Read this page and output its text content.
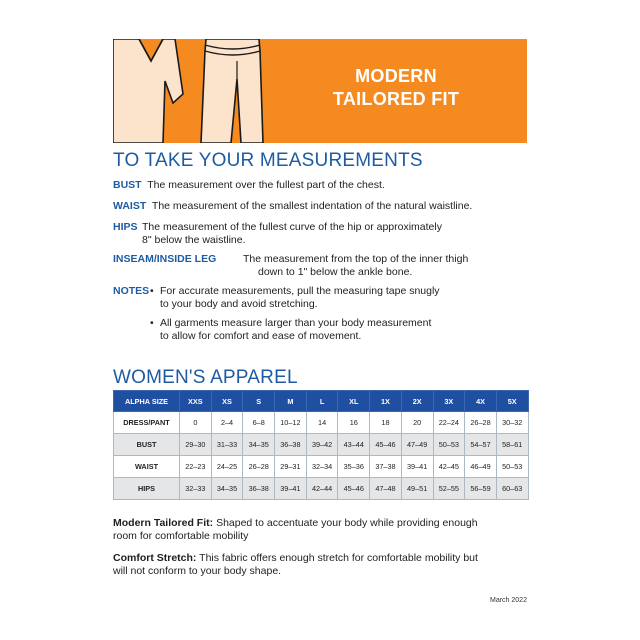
MODERN
TAILORED FIT
TO TAKE YOUR MEASUREMENTS
BUST The measurement over the fullest part of the chest.
WAIST The measurement of the smallest indentation of the natural waistline.
HIPS The measurement of the fullest curve of the hip or approximately
8" below the waistline.
INSEAM/INSIDE LEG	The measurement from the top of the inner thigh
down to 1" below the ankle bone.
NOTES • For accurate measurements, pull the measuring tape snugly
to your body and avoid stretching.
• All garments measure larger than your body measurement
to allow for comfort and ease of movement.
WOMEN'S APPAREL
ALPHA SIZE	XXS	XS	S	M	L	XL	1X	2X	3X	4X	5X
DRESS/PANT	0	2–4	6–8	10–12	14	16	18	20	22–24	26–28	30–32
BUST	29–30	31–33	34–35	36–38	39–42	43–44	45–46	47–49	50–53	54–57	58–61
WAIST	22–23	24–25	26–28	29–31	32–34	35–36	37–38	39–41	42–45	46–49	50–53
HIPS	32–33	34–35	36–38	39–41	42–44	45–46	47–48	49–51	52–55	56–59	60–63
Modern Tailored Fit: Shaped to accentuate your body while providing enough
room for comfortable mobility
Comfort Stretch: This fabric offers enough stretch for comfortable mobility but
will not conform to your body shape.
March 2022
